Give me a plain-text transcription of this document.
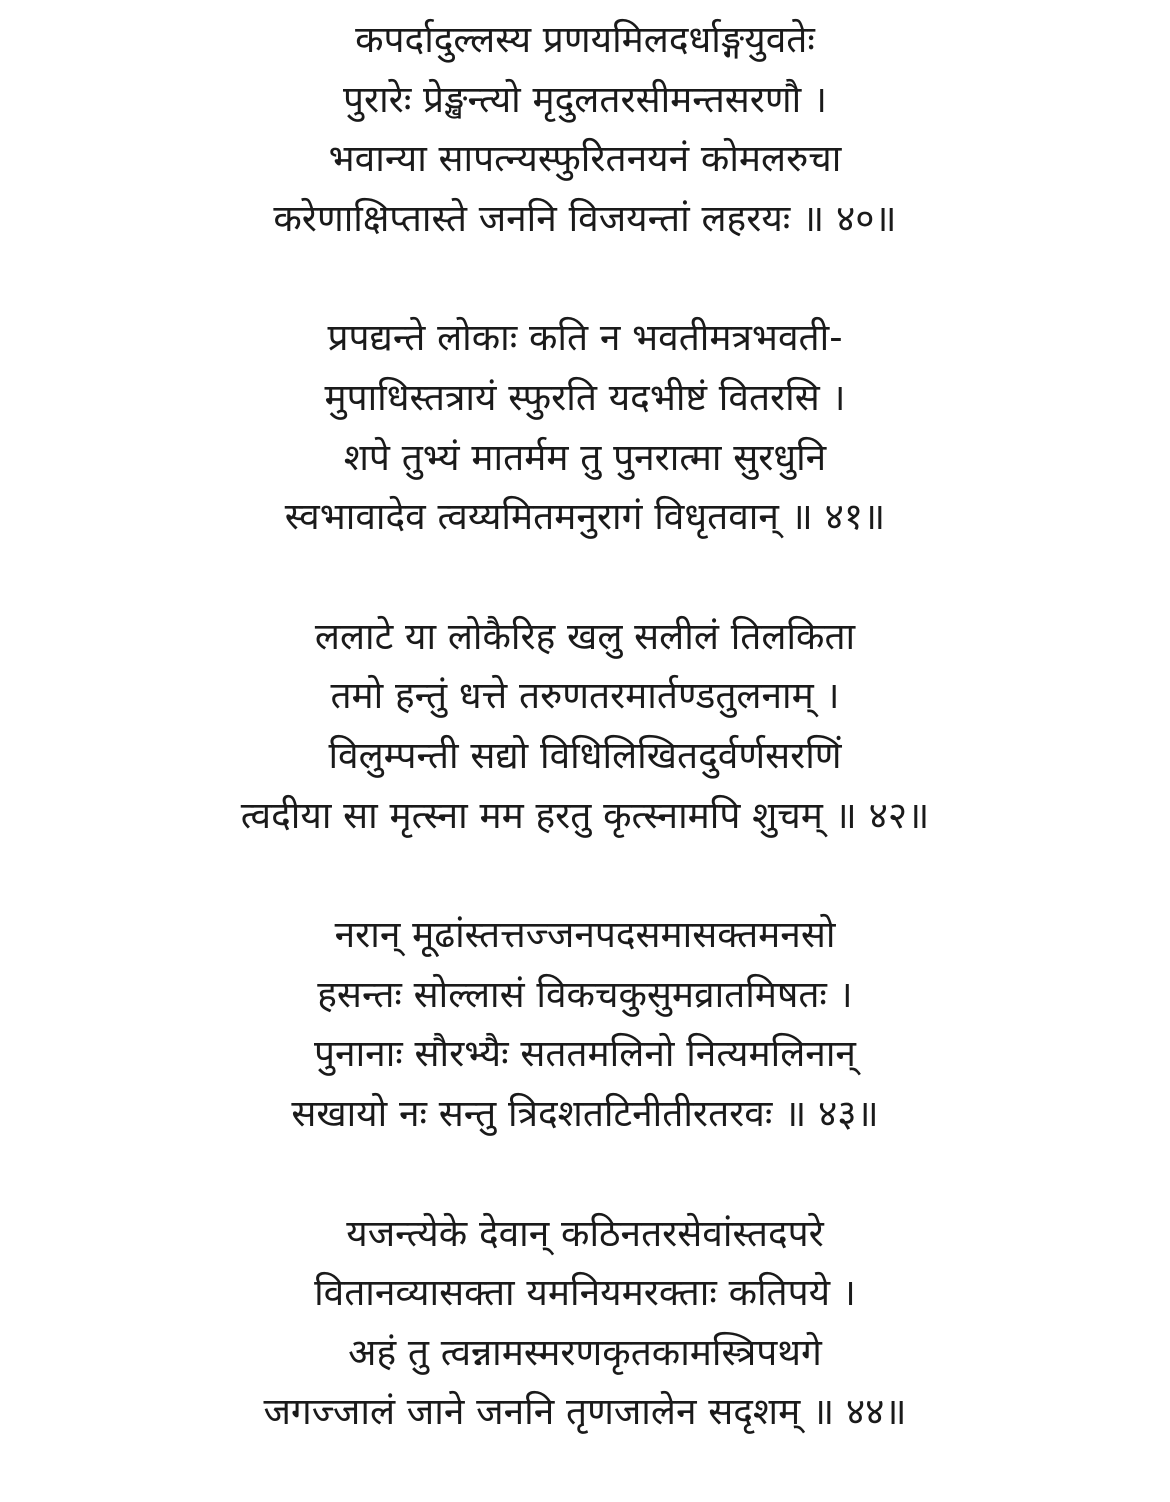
कपर्दादुल्लस्य प्रणयमिलदर्धाङ्गयुवतेः
पुरारेः प्रेङ्खन्त्यो मृदुलतरसीमन्तसरणौ ।
भवान्या सापत्न्यस्फुरितनयनं कोमलरुचा
करेणाक्षिप्तास्ते जननि विजयन्तां लहरयः ॥ ४०॥
प्रपद्यन्ते लोकाः कति न भवतीमत्रभवती-
मुपाधिस्तत्रायं स्फुरति यदभीष्टं वितरसि ।
शपे तुभ्यं मातर्मम तु पुनरात्मा सुरधुनि
स्वभावादेव त्वय्यमितमनुरागं विधृतवान् ॥ ४१॥
ललाटे या लोकैरिह खलु सलीलं तिलकिता
तमो हन्तुं धत्ते तरुणतरमार्तण्डतुलनाम् ।
विलुम्पन्ती सद्यो विधिलिखितदुर्वर्णसरणिं
त्वदीया सा मृत्स्ना मम हरतु कृत्स्नामपि शुचम् ॥ ४२॥
नरान् मूढांस्तत्तज्जनपदसमासक्तमनसो
हसन्तः सोल्लासं विकचकुसुमव्रातमिषतः ।
पुनानाः सौरभ्यैः सततमलिनो नित्यमलिनान्
सखायो नः सन्तु त्रिदशतटिनीतीरतरवः ॥ ४३॥
यजन्त्येके देवान् कठिनतरसेवांस्तदपरे
वितानव्यासक्ता यमनियमरक्ताः कतिपये ।
अहं तु त्वन्नामस्मरणकृतकामस्त्रिपथगे
जगज्जालं जाने जननि तृणजालेन सदृशम् ॥ ४४॥
